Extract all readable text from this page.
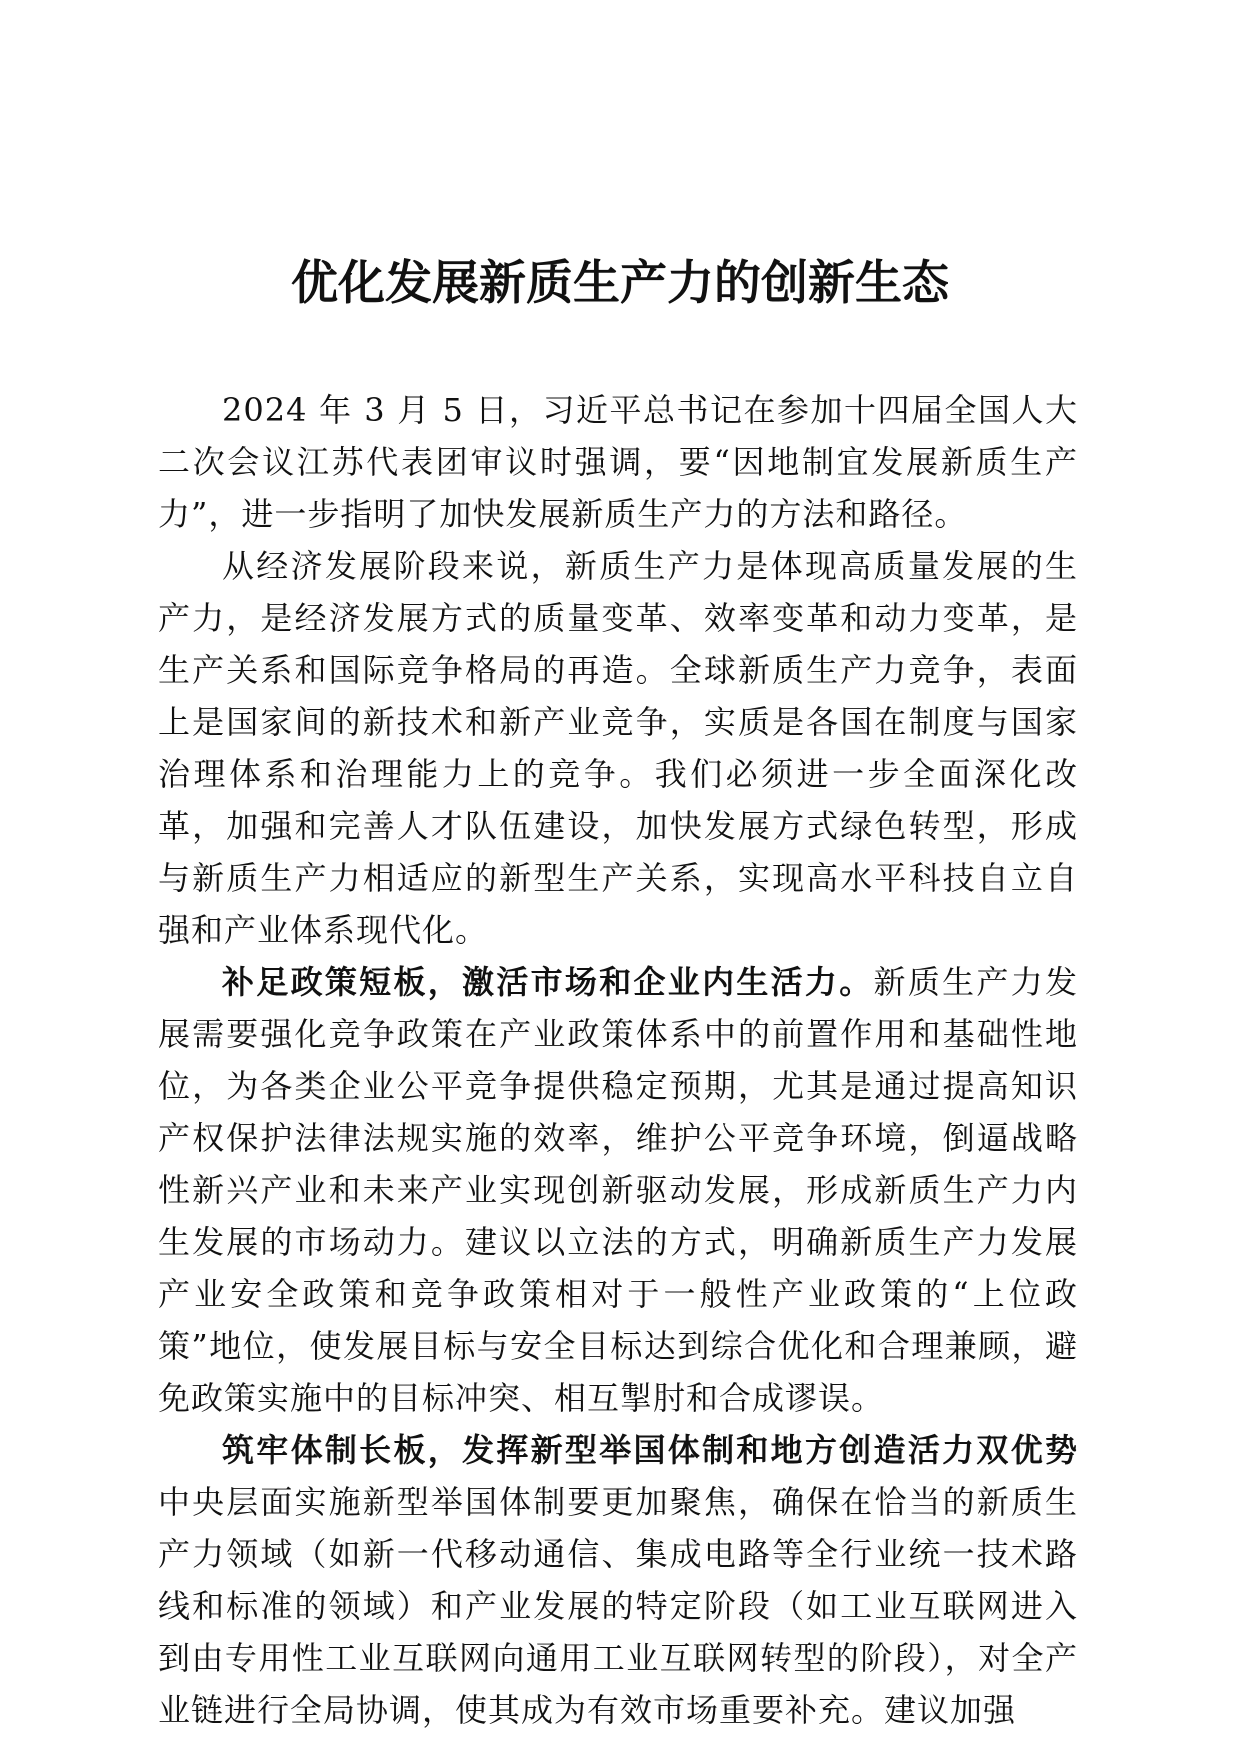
优化发展新质生产力的创新生态

2024 年 3 月 5 日，习近平总书记在参加十四届全国人大二次会议江苏代表团审议时强调，要“因地制宜发展新质生产力”，进一步指明了加快发展新质生产力的方法和路径。

从经济发展阶段来说，新质生产力是体现高质量发展的生产力，是经济发展方式的质量变革、效率变革和动力变革，是生产关系和国际竞争格局的再造。全球新质生产力竞争，表面上是国家间的新技术和新产业竞争，实质是各国在制度与国家治理体系和治理能力上的竞争。我们必须进一步全面深化改革，加强和完善人才队伍建设，加快发展方式绿色转型，形成与新质生产力相适应的新型生产关系，实现高水平科技自立自强和产业体系现代化。

补足政策短板，激活市场和企业内生活力。新质生产力发展需要强化竞争政策在产业政策体系中的前置作用和基础性地位，为各类企业公平竞争提供稳定预期，尤其是通过提高知识产权保护法律法规实施的效率，维护公平竞争环境，倒逼战略性新兴产业和未来产业实现创新驱动发展，形成新质生产力内生发展的市场动力。建议以立法的方式，明确新质生产力发展产业安全政策和竞争政策相对于一般性产业政策的“上位政策”地位，使发展目标与安全目标达到综合优化和合理兼顾，避免政策实施中的目标冲突、相互掣肘和合成谬误。

筑牢体制长板，发挥新型举国体制和地方创造活力双优势中央层面实施新型举国体制要更加聚焦，确保在恰当的新质生产力领域（如新一代移动通信、集成电路等全行业统一技术路线和标准的领域）和产业发展的特定阶段（如工业互联网进入到由专用性工业互联网向通用工业互联网转型的阶段），对全产业链进行全局协调，使其成为有效市场重要补充。建议加强
